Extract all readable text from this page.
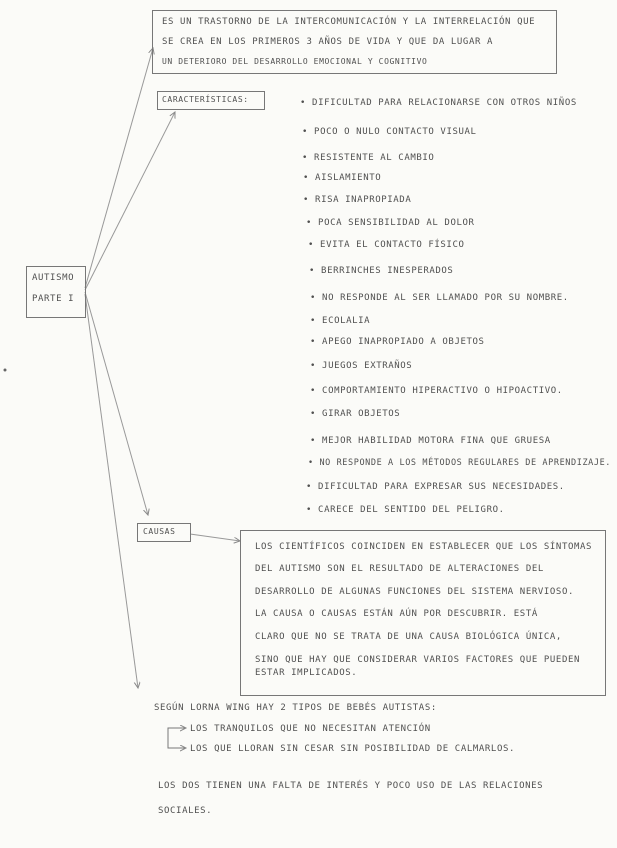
ES UN TRASTORNO DE LA INTERCOMUNICACIÓN Y LA INTERRELACIÓN QUE
SE CREA EN LOS PRIMEROS 3 AÑOS DE VIDA Y QUE DA LUGAR A
UN DETERIORO DEL DESARROLLO EMOCIONAL Y COGNITIVO
AUTISMO
PARTE I
CARACTERÍSTICAS:	• DIFICULTAD PARA RELACIONARSE CON OTROS NIÑOS
• POCO O NULO CONTACTO VISUAL
• RESISTENTE AL CAMBIO
• AISLAMIENTO
• RISA INAPROPIADA
• POCA SENSIBILIDAD AL DOLOR
• EVITA EL CONTACTO FÍSICO
• BERRINCHES INESPERADOS
• NO RESPONDE AL SER LLAMADO POR SU NOMBRE.
• ECOLALIA
• APEGO INAPROPIADO A OBJETOS
• JUEGOS EXTRAÑOS
• COMPORTAMIENTO HIPERACTIVO O HIPOACTIVO.
• GIRAR OBJETOS
• MEJOR HABILIDAD MOTORA FINA QUE GRUESA
• NO RESPONDE A LOS MÉTODOS REGULARES DE APRENDIZAJE.
• DIFICULTAD PARA EXPRESAR SUS NECESIDADES.
• CARECE DEL SENTIDO DEL PELIGRO.
CAUSAS
LOS CIENTÍFICOS COINCIDEN EN ESTABLECER QUE LOS SÍNTOMAS
DEL AUTISMO SON EL RESULTADO DE ALTERACIONES DEL
DESARROLLO DE ALGUNAS FUNCIONES DEL SISTEMA NERVIOSO.
LA CAUSA O CAUSAS ESTÁN AÚN POR DESCUBRIR. ESTÁ
CLARO QUE NO SE TRATA DE UNA CAUSA BIOLÓGICA ÚNICA,
SINO QUE HAY QUE CONSIDERAR VARIOS FACTORES QUE PUEDEN
ESTAR IMPLICADOS.
SEGÚN LORNA WING HAY 2 TIPOS DE BEBÉS AUTISTAS:
LOS TRANQUILOS QUE NO NECESITAN ATENCIÓN
LOS QUE LLORAN SIN CESAR SIN POSIBILIDAD DE CALMARLOS.
LOS DOS TIENEN UNA FALTA DE INTERÉS Y POCO USO DE LAS RELACIONES
SOCIALES.
